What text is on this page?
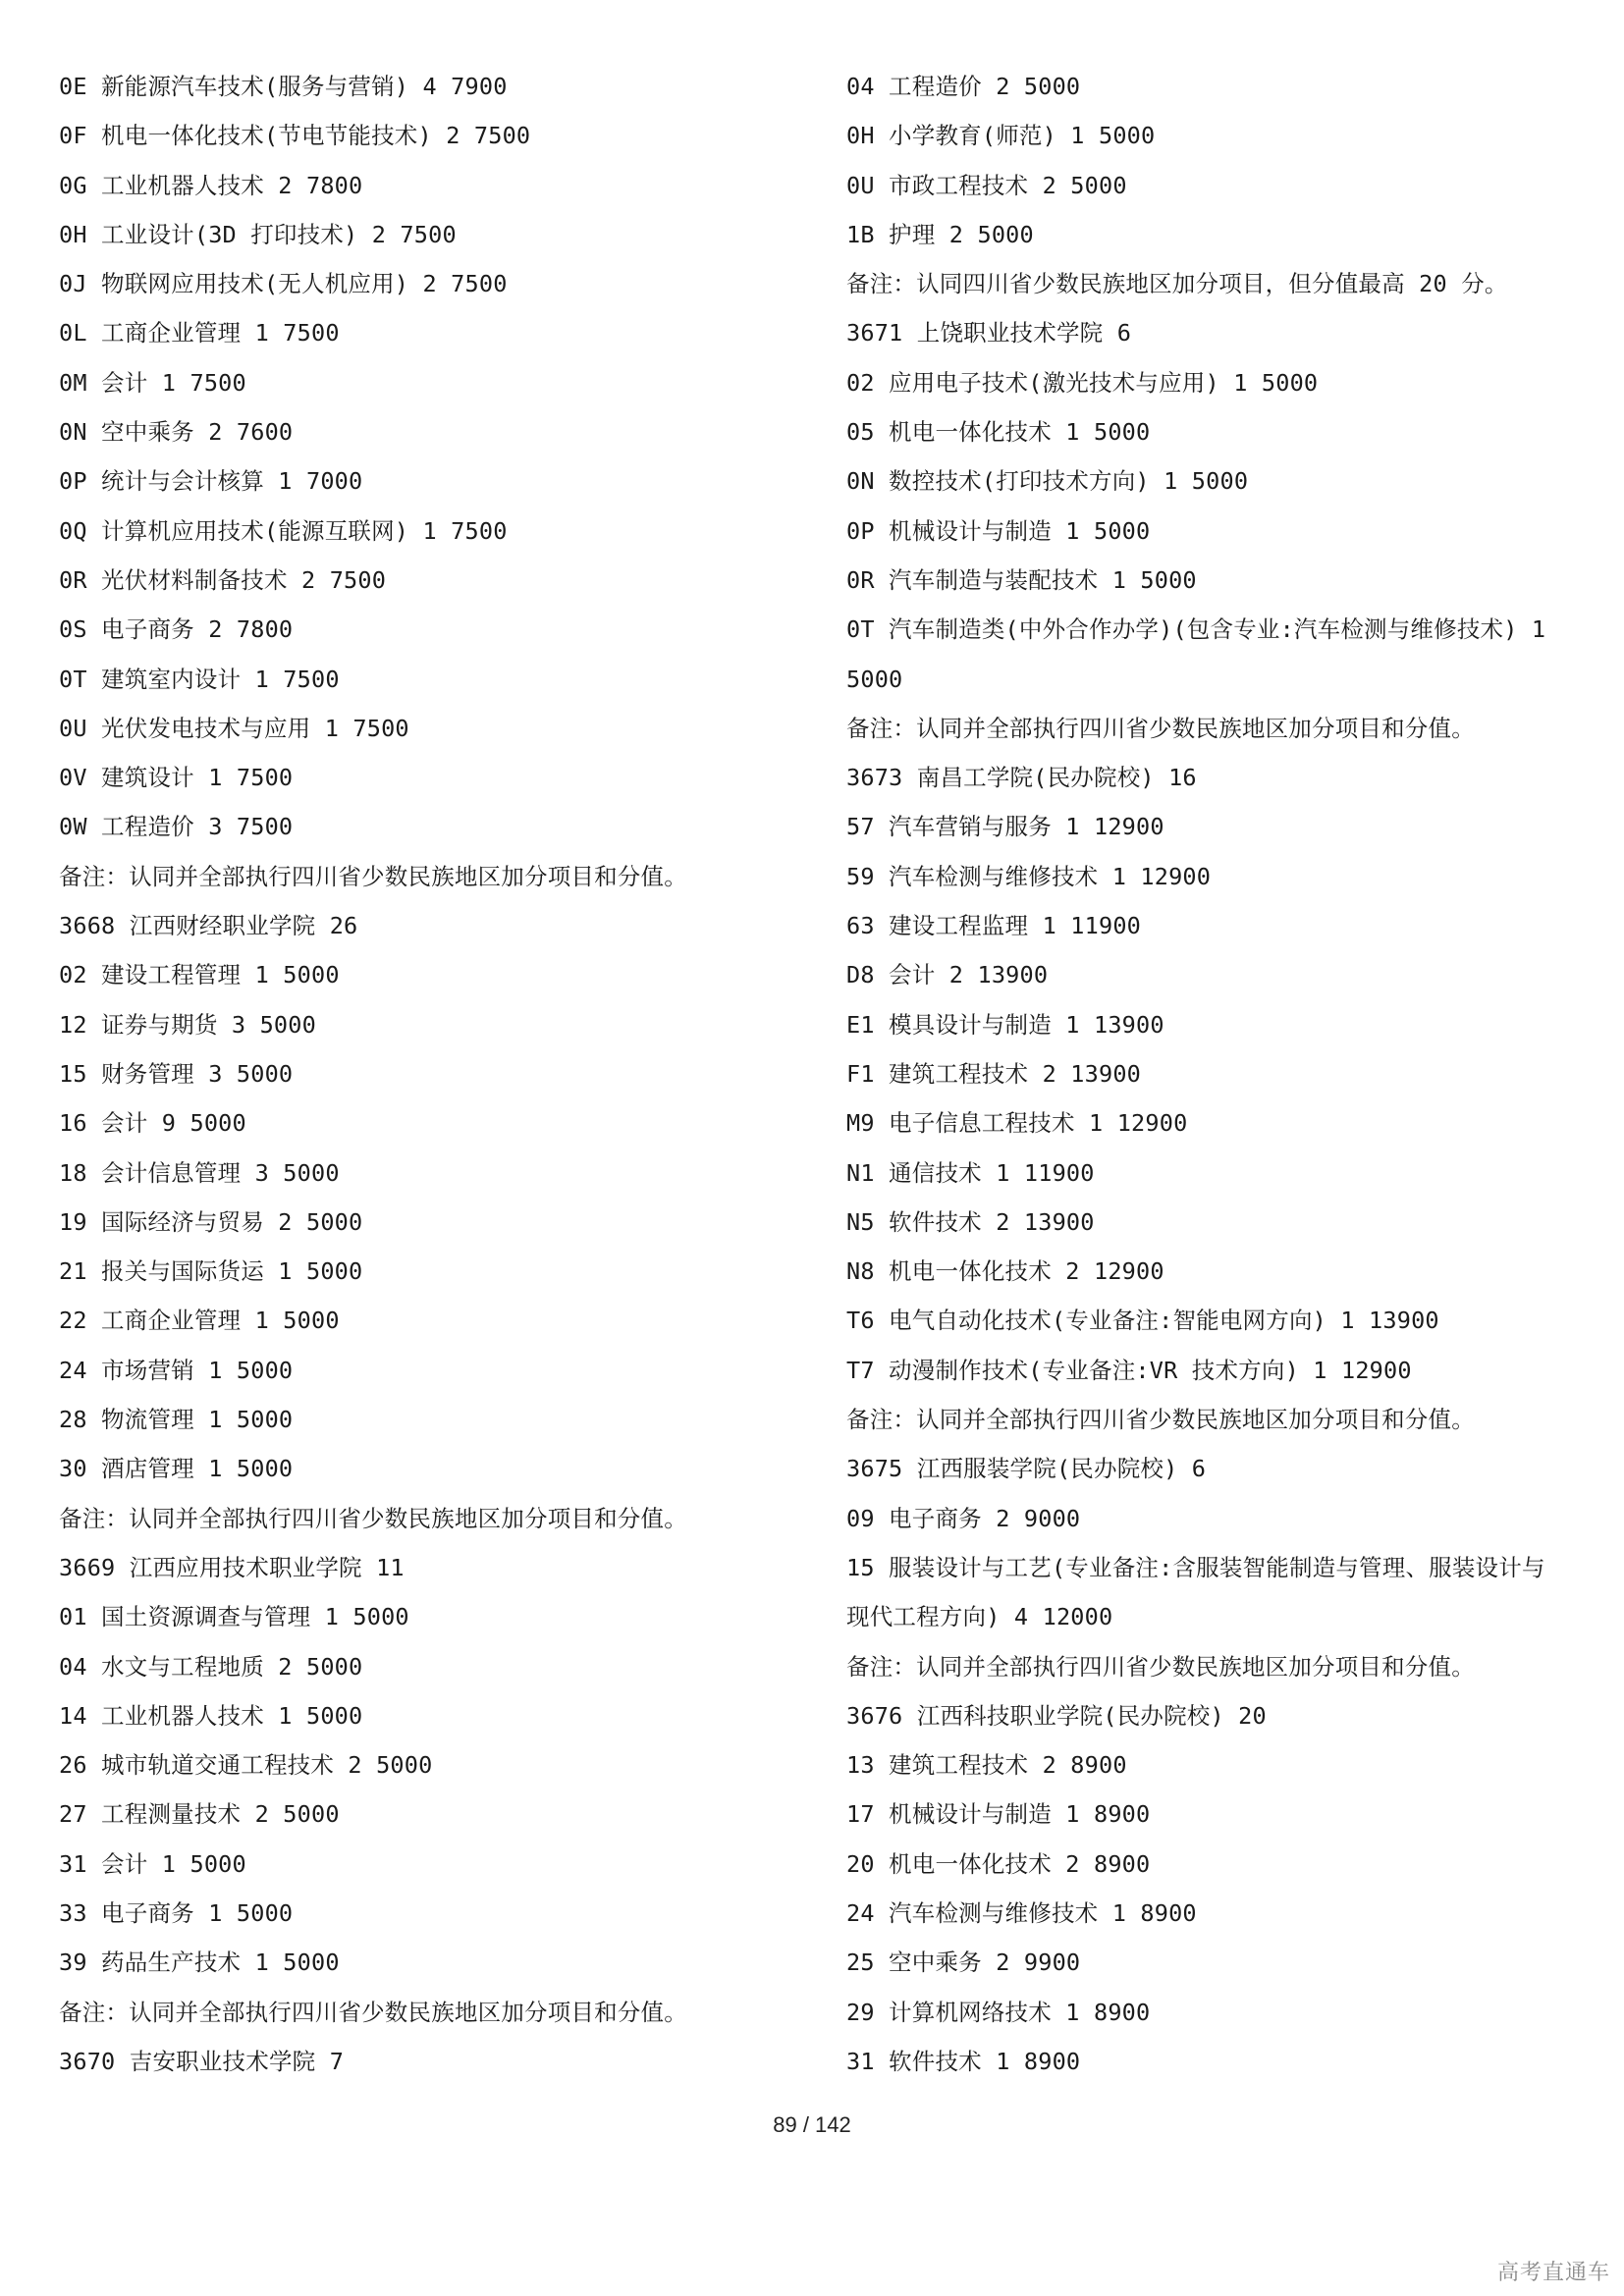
0E 新能源汽车技术(服务与营销) 4 7900
0F 机电一体化技术(节电节能技术) 2 7500
0G 工业机器人技术 2 7800
0H 工业设计(3D 打印技术) 2 7500
0J 物联网应用技术(无人机应用) 2 7500
0L 工商企业管理 1 7500
0M 会计 1 7500
0N 空中乘务 2 7600
0P 统计与会计核算 1 7000
0Q 计算机应用技术(能源互联网) 1 7500
0R 光伏材料制备技术 2 7500
0S 电子商务 2 7800
0T 建筑室内设计 1 7500
0U 光伏发电技术与应用 1 7500
0V 建筑设计 1 7500
0W 工程造价 3 7500
备注：认同并全部执行四川省少数民族地区加分项目和分值。
3668 江西财经职业学院 26
02 建设工程管理 1 5000
12 证券与期货 3 5000
15 财务管理 3 5000
16 会计 9 5000
18 会计信息管理 3 5000
19 国际经济与贸易 2 5000
21 报关与国际货运 1 5000
22 工商企业管理 1 5000
24 市场营销 1 5000
28 物流管理 1 5000
30 酒店管理 1 5000
备注：认同并全部执行四川省少数民族地区加分项目和分值。
3669 江西应用技术职业学院 11
01 国土资源调查与管理 1 5000
04 水文与工程地质 2 5000
14 工业机器人技术 1 5000
26 城市轨道交通工程技术 2 5000
27 工程测量技术 2 5000
31 会计 1 5000
33 电子商务 1 5000
39 药品生产技术 1 5000
备注：认同并全部执行四川省少数民族地区加分项目和分值。
3670 吉安职业技术学院 7
04 工程造价 2 5000
0H 小学教育(师范) 1 5000
0U 市政工程技术 2 5000
1B 护理 2 5000
备注：认同四川省少数民族地区加分项目，但分值最高 20 分。
3671 上饶职业技术学院 6
02 应用电子技术(激光技术与应用) 1 5000
05 机电一体化技术 1 5000
0N 数控技术(打印技术方向) 1 5000
0P 机械设计与制造 1 5000
0R 汽车制造与装配技术 1 5000
0T 汽车制造类(中外合作办学)(包含专业:汽车检测与维修技术) 1
5000
备注：认同并全部执行四川省少数民族地区加分项目和分值。
3673 南昌工学院(民办院校) 16
57 汽车营销与服务 1 12900
59 汽车检测与维修技术 1 12900
63 建设工程监理 1 11900
D8 会计 2 13900
E1 模具设计与制造 1 13900
F1 建筑工程技术 2 13900
M9 电子信息工程技术 1 12900
N1 通信技术 1 11900
N5 软件技术 2 13900
N8 机电一体化技术 2 12900
T6 电气自动化技术(专业备注:智能电网方向) 1 13900
T7 动漫制作技术(专业备注:VR 技术方向) 1 12900
备注：认同并全部执行四川省少数民族地区加分项目和分值。
3675 江西服装学院(民办院校) 6
09 电子商务 2 9000
15 服装设计与工艺(专业备注:含服装智能制造与管理、服装设计与
现代工程方向) 4 12000
备注：认同并全部执行四川省少数民族地区加分项目和分值。
3676 江西科技职业学院(民办院校) 20
13 建筑工程技术 2 8900
17 机械设计与制造 1 8900
20 机电一体化技术 2 8900
24 汽车检测与维修技术 1 8900
25 空中乘务 2 9900
29 计算机网络技术 1 8900
31 软件技术 1 8900
89 / 142
高考直通车
